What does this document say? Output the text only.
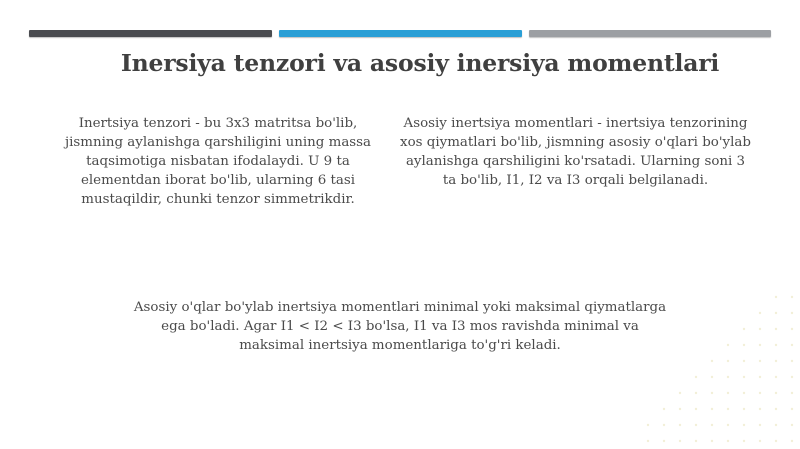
Inersiya tenzori va asosiy inersiya momentlari
Inertsiya tenzori - bu 3x3 matritsa bo'lib, jismning aylanishga qarshiligini uning massa taqsimotiga nisbatan ifodalaydi. U 9 ta elementdan iborat bo'lib, ularning 6 tasi mustaqildir, chunki tenzor simmetrikdir.
Asosiy inertsiya momentlari - inertsiya tenzorining xos qiymatlari bo'lib, jismning asosiy o'qlari bo'ylab aylanishga qarshiligini ko'rsatadi. Ularning soni 3 ta bo'lib, I1, I2 va I3 orqali belgilanadi.
Asosiy o'qlar bo'ylab inertsiya momentlari minimal yoki maksimal qiymatlarga ega bo'ladi. Agar I1 < I2 < I3 bo'lsa, I1 va I3 mos ravishda minimal va maksimal inertsiya momentlariga to'g'ri keladi.
